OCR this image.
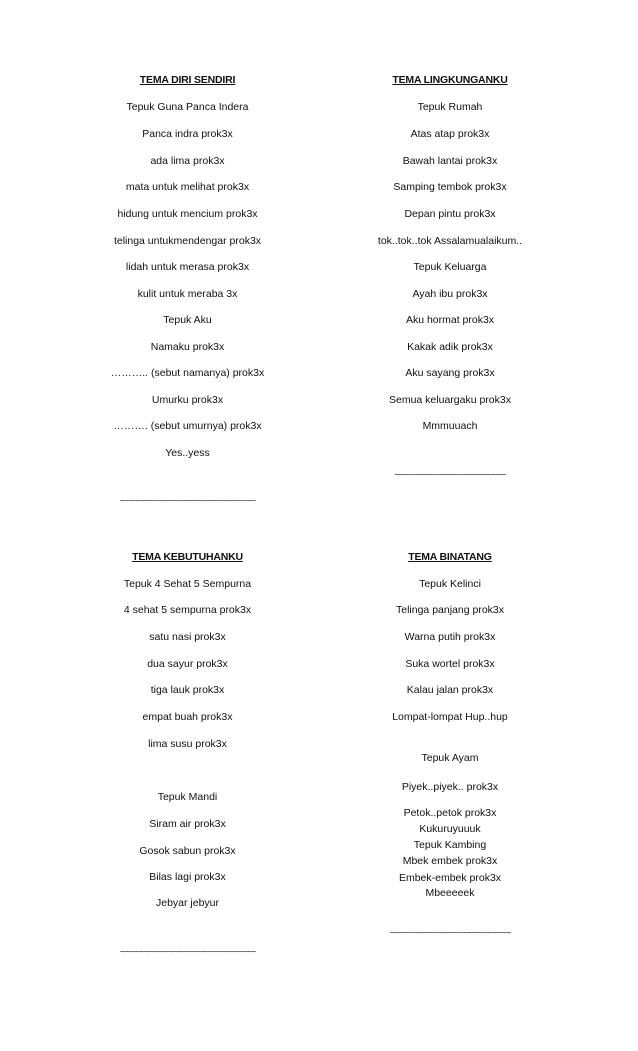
TEMA DIRI SENDIRI
Tepuk Guna Panca Indera
Panca indra prok3x
ada lima prok3x
mata untuk melihat prok3x
hidung untuk mencium prok3x
telinga untukmendengar prok3x
lidah untuk merasa prok3x
kulit untuk meraba 3x
Tepuk Aku
Namaku prok3x
……….. (sebut namanya) prok3x
Umurku prok3x
………. (sebut umurnya) prok3x
Yes..yess
~~~~~~~~~~~~~~~~~~~~~~~~~~~~
TEMA LINGKUNGANKU
Tepuk Rumah
Atas atap prok3x
Bawah lantai prok3x
Samping tembok prok3x
Depan pintu prok3x
tok..tok..tok Assalamualaikum..
Tepuk Keluarga
Ayah ibu prok3x
Aku hormat prok3x
Kakak adik prok3x
Aku sayang prok3x
Semua keluargaku prok3x
Mmmuuach
~~~~~~~~~~~~~~~~~~~~~~~
TEMA KEBUTUHANKU
Tepuk 4 Sehat 5 Sempurna
4 sehat 5 sempurna prok3x
satu nasi prok3x
dua sayur prok3x
tiga lauk prok3x
empat buah prok3x
lima susu prok3x
Tepuk Mandi
Siram air prok3x
Gosok sabun prok3x
Bilas lagi prok3x
Jebyar jebyur
~~~~~~~~~~~~~~~~~~~~~~~~~~~~
TEMA BINATANG
Tepuk Kelinci
Telinga panjang prok3x
Warna putih prok3x
Suka wortel prok3x
Kalau jalan prok3x
Lompat-lompat Hup..hup
Tepuk Ayam
Piyek..piyek.. prok3x
Petok..petok prok3x
Kukuruyuuuk
Tepuk Kambing
Mbek embek prok3x
Embek-embek prok3x
Mbeeeeek
~~~~~~~~~~~~~~~~~~~~~~~~~
